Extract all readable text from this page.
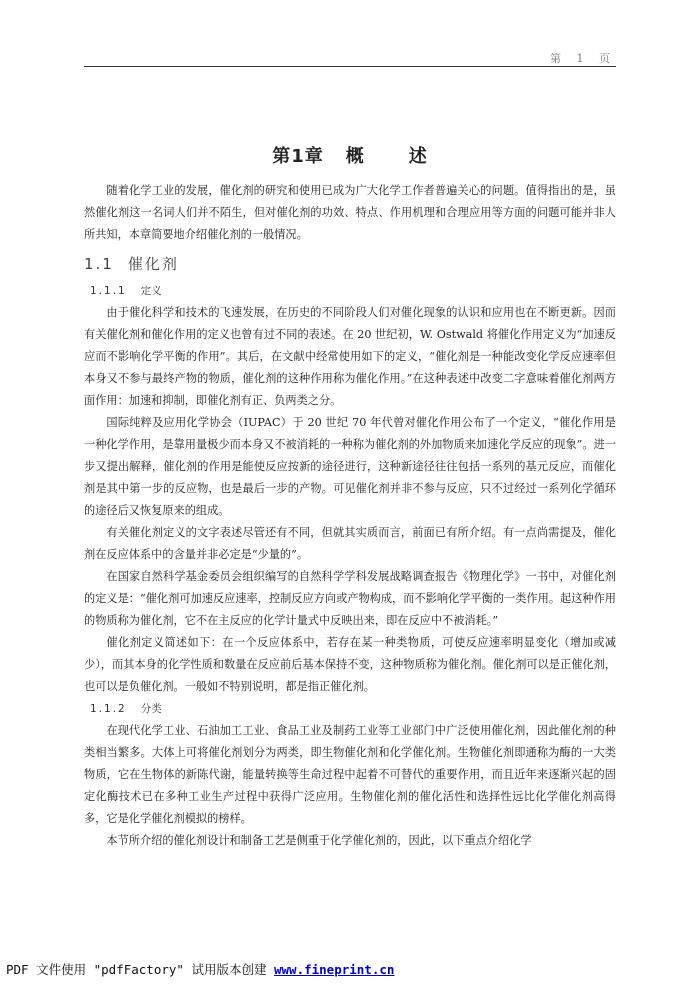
第 1 页
第1章 概 述

随着化学工业的发展，催化剂的研究和使用已成为广大化学工作者普遍关心的问题。值得指出的是，虽然催化剂这一名词人们并不陌生，但对催化剂的功效、特点、作用机理和合理应用等方面的问题可能并非人所共知，本章简要地介绍催化剂的一般情况。

1.1 催化剂
1.1.1 定义

由于催化科学和技术的飞速发展，在历史的不同阶段人们对催化现象的认识和应用也在不断更新。因而有关催化剂和催化作用的定义也曾有过不同的表述。在 20 世纪初，W. Ostwald 将催化作用定义为“加速反应而不影响化学平衡的作用”。其后，在文献中经常使用如下的定义，“催化剂是一种能改变化学反应速率但本身又不参与最终产物的物质，催化剂的这种作用称为催化作用。”在这种表述中改变二字意味着催化剂两方面作用：加速和抑制，即催化剂有正、负两类之分。

国际纯粹及应用化学协会（IUPAC）于 20 世纪 70 年代曾对催化作用公布了一个定义，“催化作用是一种化学作用，是靠用量极少而本身又不被消耗的一种称为催化剂的外加物质来加速化学反应的现象”。进一步又提出解释，催化剂的作用是能使反应按新的途径进行，这种新途径往往包括一系列的基元反应，而催化剂是其中第一步的反应物，也是最后一步的产物。可见催化剂并非不参与反应，只不过经过一系列化学循环的途径后又恢复原来的组成。

有关催化剂定义的文字表述尽管还有不同，但就其实质而言，前面已有所介绍。有一点尚需提及，催化剂在反应体系中的含量并非必定是“少量的”。

在国家自然科学基金委员会组织编写的自然科学学科发展战略调查报告《物理化学》一书中，对催化剂的定义是：“催化剂可加速反应速率，控制反应方向或产物构成，而不影响化学平衡的一类作用。起这种作用的物质称为催化剂，它不在主反应的化学计量式中反映出来，即在反应中不被消耗。”

催化剂定义简述如下：在一个反应体系中，若存在某一种类物质，可使反应速率明显变化（增加或减少），而其本身的化学性质和数量在反应前后基本保持不变，这种物质称为催化剂。催化剂可以是正催化剂，也可以是负催化剂。一般如不特别说明，都是指正催化剂。

1.1.2 分类

在现代化学工业、石油加工工业、食品工业及制药工业等工业部门中广泛使用催化剂，因此催化剂的种类相当繁多。大体上可将催化剂划分为两类，即生物催化剂和化学催化剂。生物催化剂即通称为酶的一大类物质，它在生物体的新陈代谢，能量转换等生命过程中起着不可替代的重要作用，而且近年来逐渐兴起的固定化酶技术已在多种工业生产过程中获得广泛应用。生物催化剂的催化活性和选择性远比化学催化剂高得多，它是化学催化剂模拟的榜样。

本节所介绍的催化剂设计和制备工艺是侧重于化学催化剂的，因此，以下重点介绍化学

PDF 文件使用 "pdfFactory" 试用版本创建 www.fineprint.cn
